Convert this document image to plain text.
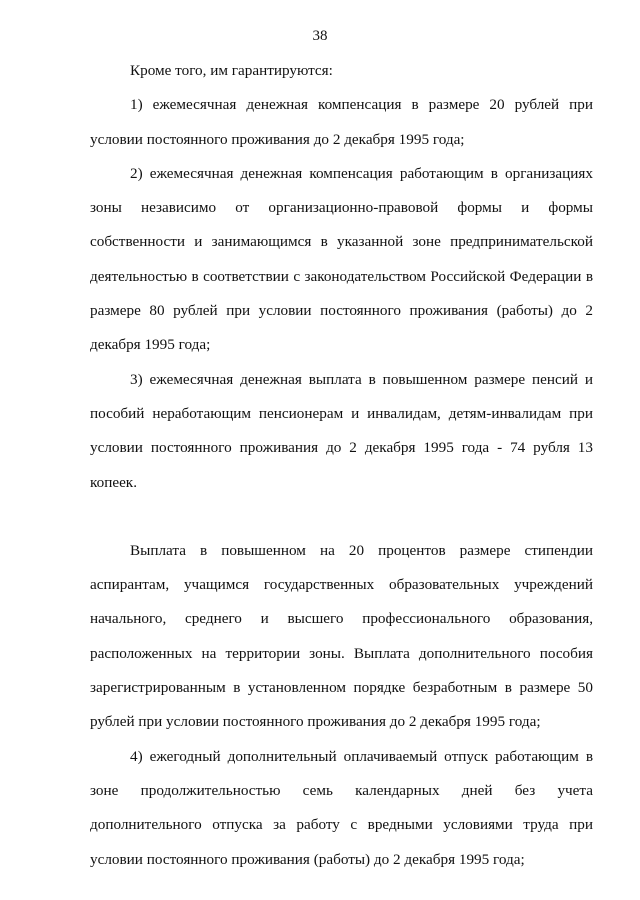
38

Кроме того, им гарантируются:

1) ежемесячная денежная компенсация в размере 20 рублей при условии постоянного проживания до 2 декабря 1995 года;

2) ежемесячная денежная компенсация работающим в организациях зоны независимо от организационно-правовой формы и формы собственности и занимающимся в указанной зоне предпринимательской деятельностью в соответствии с законодательством Российской Федерации в размере 80 рублей при условии постоянного проживания (работы) до 2 декабря 1995 года;

3) ежемесячная денежная выплата в повышенном размере пенсий и пособий неработающим пенсионерам и инвалидам, детям-инвалидам при условии постоянного проживания до 2 декабря 1995 года - 74 рубля 13 копеек.

Выплата в повышенном на 20 процентов размере стипендии аспирантам, учащимся государственных образовательных учреждений начального, среднего и высшего профессионального образования, расположенных на территории зоны. Выплата дополнительного пособия зарегистрированным в установленном порядке безработным в размере 50 рублей при условии постоянного проживания до 2 декабря 1995 года;

4) ежегодный дополнительный оплачиваемый отпуск работающим в зоне продолжительностью семь календарных дней без учета дополнительного отпуска за работу с вредными условиями труда при условии постоянного проживания (работы) до 2 декабря 1995 года;
